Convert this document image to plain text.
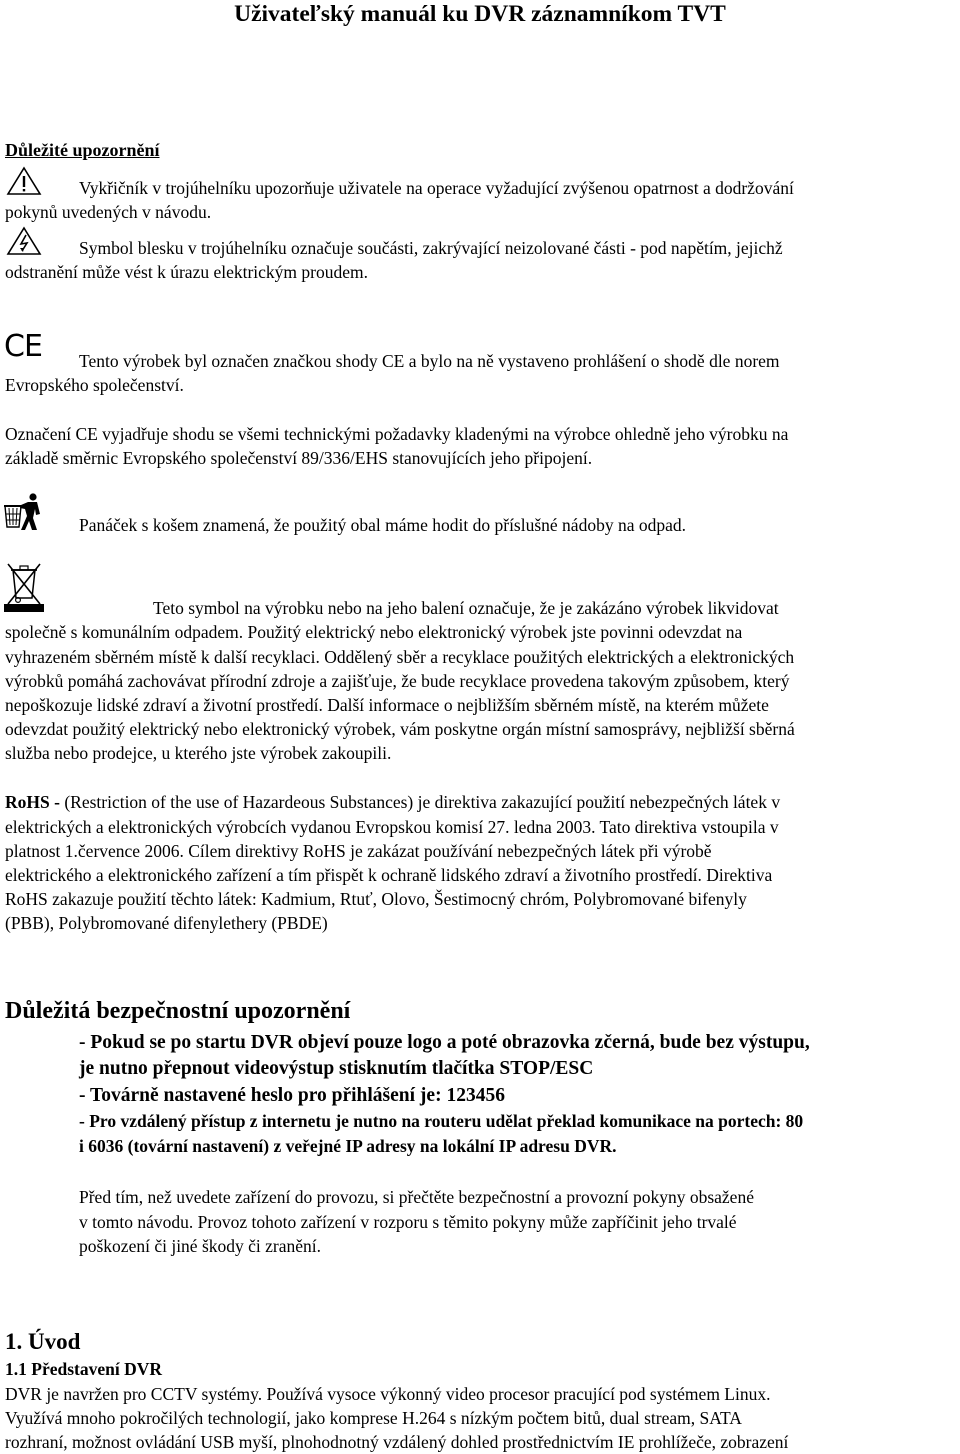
Uživateľský manuál ku DVR záznamníkom TVT
Důležité upozornění
Vykřičník v trojúhelníku upozorňuje uživatele na operace vyžadující zvýšenou opatrnost a dodržování
pokynů uvedených v návodu.
Symbol blesku v trojúhelníku označuje součásti, zakrývající neizolované části - pod napětím, jejichž
odstranění může vést k úrazu elektrickým proudem.
CE Tento výrobek byl označen značkou shody CE a bylo na ně vystaveno prohlášení o shodě dle norem
Evropského společenství.
Označení CE vyjadřuje shodu se všemi technickými požadavky kladenými na výrobce ohledně jeho výrobku na
základě směrnic Evropského společenství 89/336/EHS stanovujících jeho připojení.
Panáček s košem znamená, že použitý obal máme hodit do příslušné nádoby na odpad.
Teto symbol na výrobku nebo na jeho balení označuje, že je zakázáno výrobek likvidovat
společně s komunálním odpadem. Použitý elektrický nebo elektronický výrobek jste povinni odevzdat na
vyhrazeném sběrném místě k další recyklaci. Oddělený sběr a recyklace použitých elektrických a elektronických
výrobků pomáhá zachovávat přírodní zdroje a zajišťuje, že bude recyklace provedena takovým způsobem, který
nepoškozuje lidské zdraví a životní prostředí. Další informace o nejbližším sběrném místě, na kterém můžete
odevzdat použitý elektrický nebo elektronický výrobek, vám poskytne orgán místní samosprávy, nejbližší sběrná
služba nebo prodejce, u kterého jste výrobek zakoupili.
RoHS - (Restriction of the use of Hazardeous Substances) je direktiva zakazující použití nebezpečných látek v
elektrických a elektronických výrobcích vydanou Evropskou komisí 27. ledna 2003. Tato direktiva vstoupila v
platnost 1.července 2006. Cílem direktivy RoHS je zakázat používání nebezpečných látek při výrobě
elektrického a elektronického zařízení a tím přispět k ochraně lidského zdraví a životního prostředí. Direktiva
RoHS zakazuje použití těchto látek: Kadmium, Rtuť, Olovo, Šestimocný chróm, Polybromované bifenyly
(PBB), Polybromované difenylethery (PBDE)
Důležitá bezpečnostní upozornění
- Pokud se po startu DVR objeví pouze logo a poté obrazovka zčerná, bude bez výstupu,
je nutno přepnout videovýstup stisknutím tlačítka STOP/ESC
- Továrně nastavené heslo pro přihlášení je: 123456
- Pro vzdálený přístup z internetu je nutno na routeru udělat překlad komunikace na portech: 80
i 6036 (tovární nastavení) z veřejné IP adresy na lokální IP adresu DVR.
Před tím, než uvedete zařízení do provozu, si přečtěte bezpečnostní a provozní pokyny obsažené
v tomto návodu. Provoz tohoto zařízení v rozporu s těmito pokyny může zapříčinit jeho trvalé
poškození či jiné škody či zranění.
1. Úvod
1.1 Představení DVR
DVR je navržen pro CCTV systémy. Používá vysoce výkonný video procesor pracující pod systémem Linux.
Využívá mnoho pokročilých technologií, jako komprese H.264 s nízkým počtem bitů, dual stream, SATA
rozhraní, možnost ovládání USB myší, plnohodnotný vzdálený dohled prostřednictvím IE prohlížeče, zobrazení
